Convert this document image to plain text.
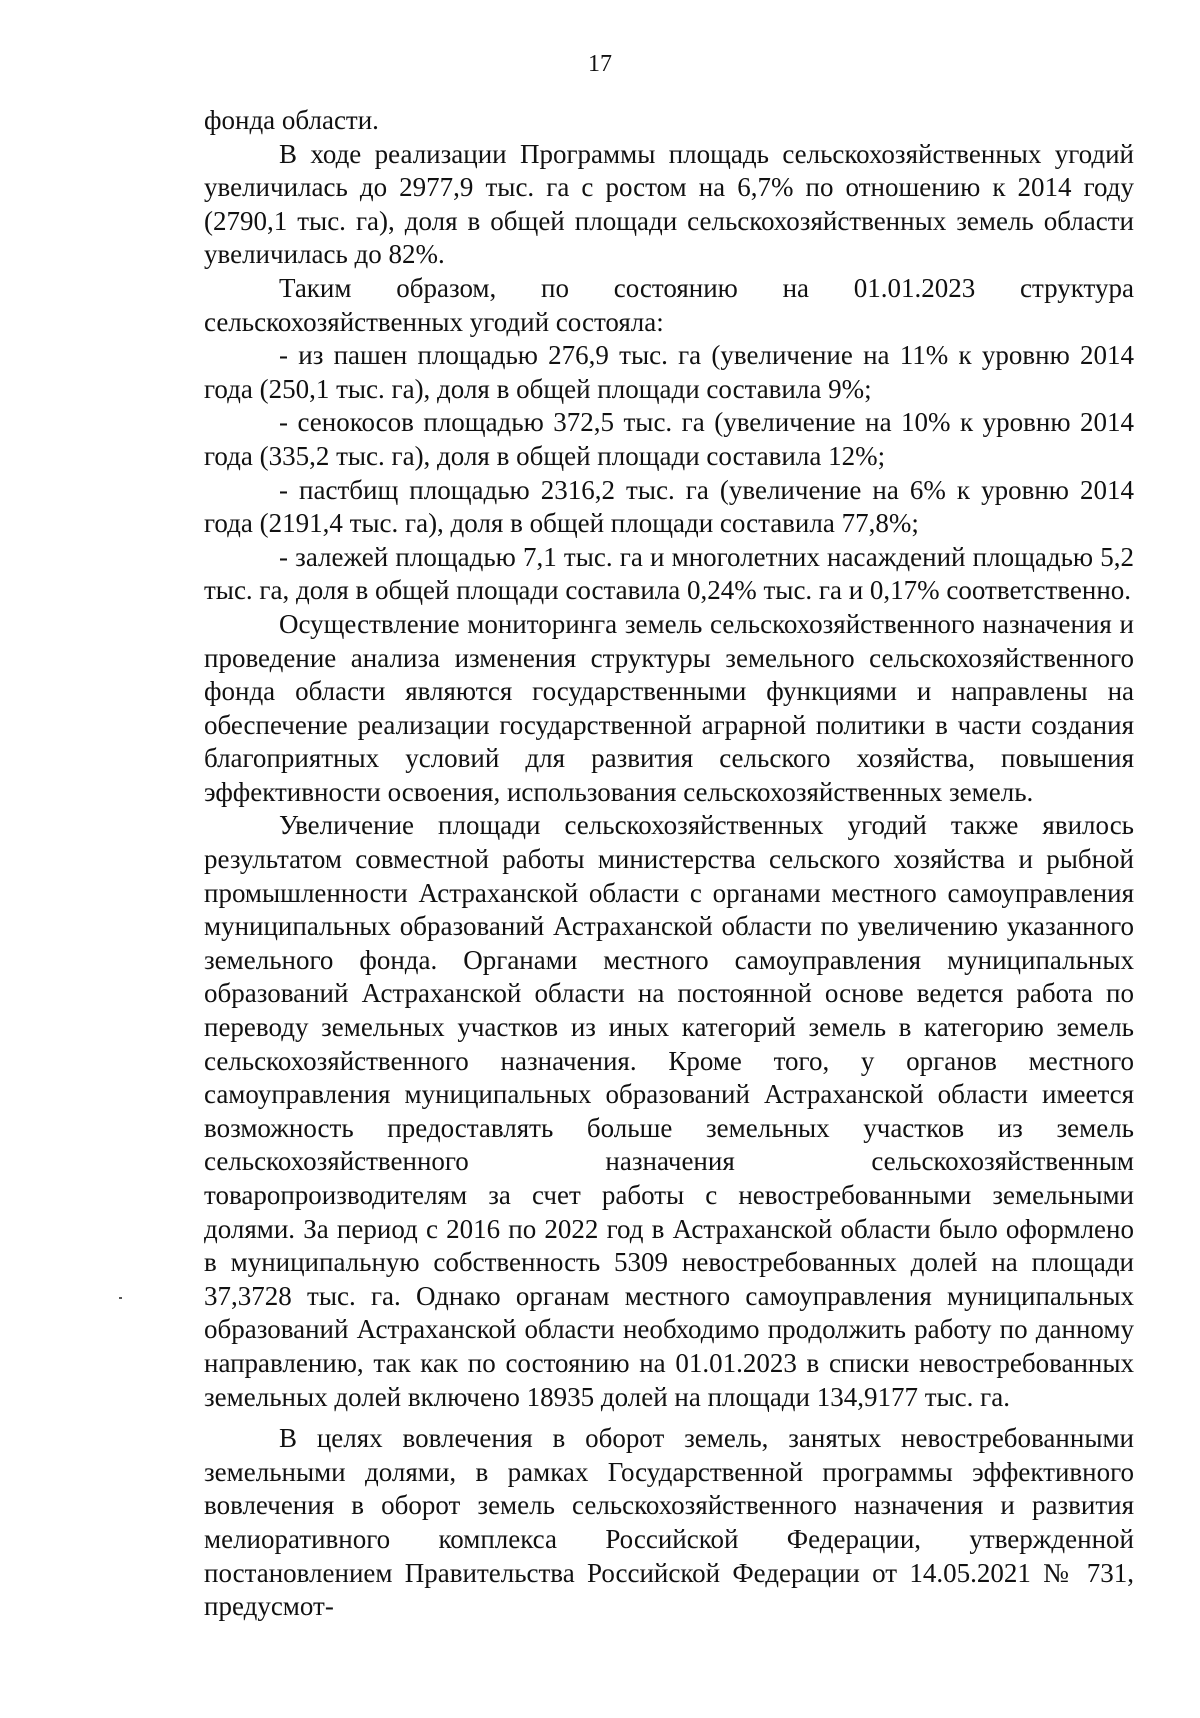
17

фонда области.

В ходе реализации Программы площадь сельскохозяйственных угодий увеличилась до 2977,9 тыс. га с ростом на 6,7% по отношению к 2014 году (2790,1 тыс. га), доля в общей площади сельскохозяйственных земель области увеличилась до 82%.

Таким образом, по состоянию на 01.01.2023 структура сельскохозяйственных угодий состояла:

- из пашен площадью 276,9 тыс. га (увеличение на 11% к уровню 2014 года (250,1 тыс. га), доля в общей площади составила 9%;

- сенокосов площадью 372,5 тыс. га (увеличение на 10% к уровню 2014 года (335,2 тыс. га), доля в общей площади составила 12%;

- пастбищ площадью 2316,2 тыс. га (увеличение на 6% к уровню 2014 года (2191,4 тыс. га), доля в общей площади составила 77,8%;

- залежей площадью 7,1 тыс. га и многолетних насаждений площадью 5,2 тыс. га, доля в общей площади составила 0,24% тыс. га и 0,17% соответственно.

Осуществление мониторинга земель сельскохозяйственного назначения и проведение анализа изменения структуры земельного сельскохозяйственного фонда области являются государственными функциями и направлены на обеспечение реализации государственной аграрной политики в части создания благоприятных условий для развития сельского хозяйства, повышения эффективности освоения, использования сельскохозяйственных земель.

Увеличение площади сельскохозяйственных угодий также явилось результатом совместной работы министерства сельского хозяйства и рыбной промышленности Астраханской области с органами местного самоуправления муниципальных образований Астраханской области по увеличению указанного земельного фонда. Органами местного самоуправления муниципальных образований Астраханской области на постоянной основе ведется работа по переводу земельных участков из иных категорий земель в категорию земель сельскохозяйственного назначения. Кроме того, у органов местного самоуправления муниципальных образований Астраханской области имеется возможность предоставлять больше земельных участков из земель сельскохозяйственного назначения сельскохозяйственным товаропроизводителям за счет работы с невостребованными земельными долями. За период с 2016 по 2022 год в Астраханской области было оформлено в муниципальную собственность 5309 невостребованных долей на площади 37,3728 тыс. га. Однако органам местного самоуправления муниципальных образований Астраханской области необходимо продолжить работу по данному направлению, так как по состоянию на 01.01.2023 в списки невостребованных земельных долей включено 18935 долей на площади 134,9177 тыс. га.

В целях вовлечения в оборот земель, занятых невостребованными земельными долями, в рамках Государственной программы эффективного вовлечения в оборот земель сельскохозяйственного назначения и развития мелиоративного комплекса Российской Федерации, утвержденной постановлением Правительства Российской Федерации от 14.05.2021 № 731, предусмот-
